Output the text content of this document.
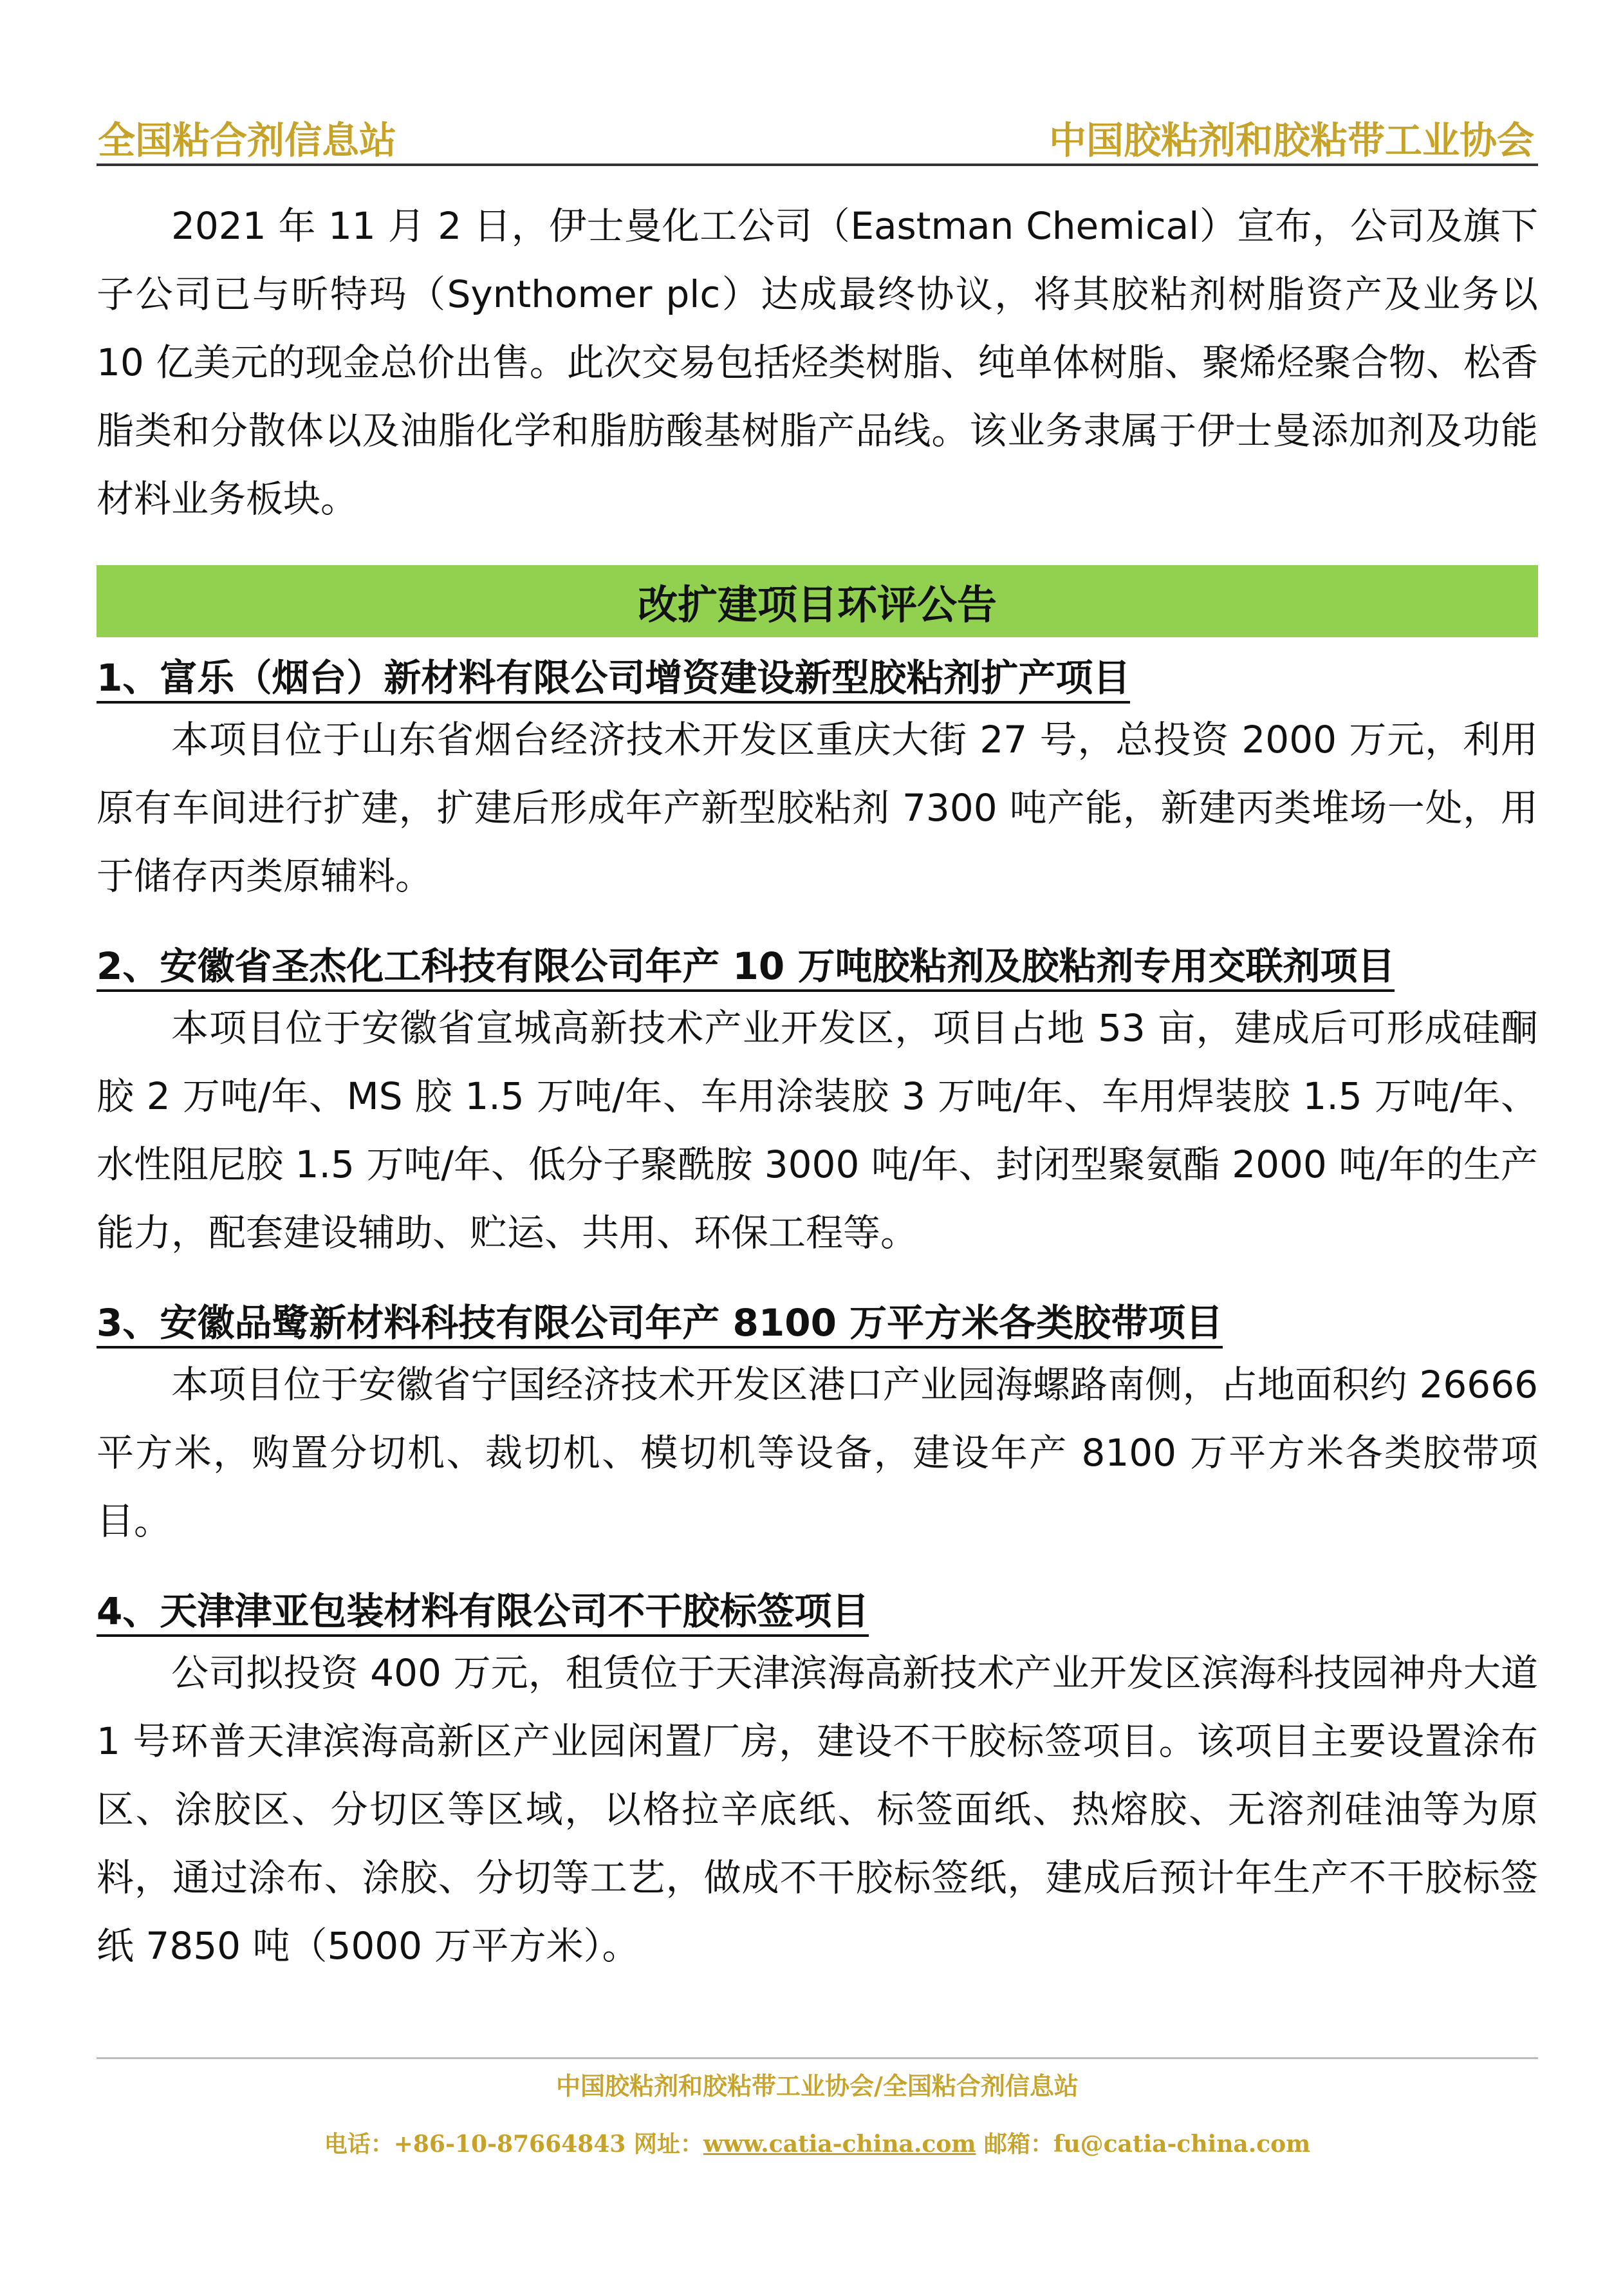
全国粘合剂信息站	中国胶粘剂和胶粘带工业协会

2021 年 11 月 2 日，伊士曼化工公司（Eastman Chemical）宣布，公司及旗下子公司已与昕特玛（Synthomer plc）达成最终协议，将其胶粘剂树脂资产及业务以 10 亿美元的现金总价出售。此次交易包括烃类树脂、纯单体树脂、聚烯烃聚合物、松香脂类和分散体以及油脂化学和脂肪酸基树脂产品线。该业务隶属于伊士曼添加剂及功能材料业务板块。

改扩建项目环评公告

1、富乐（烟台）新材料有限公司增资建设新型胶粘剂扩产项目

本项目位于山东省烟台经济技术开发区重庆大街 27 号，总投资 2000 万元，利用原有车间进行扩建，扩建后形成年产新型胶粘剂 7300 吨产能，新建丙类堆场一处，用于储存丙类原辅料。

2、安徽省圣杰化工科技有限公司年产 10 万吨胶粘剂及胶粘剂专用交联剂项目

本项目位于安徽省宣城高新技术产业开发区，项目占地 53 亩，建成后可形成硅酮胶 2 万吨/年、MS 胶 1.5 万吨/年、车用涂装胶 3 万吨/年、车用焊装胶 1.5 万吨/年、水性阻尼胶 1.5 万吨/年、低分子聚酰胺 3000 吨/年、封闭型聚氨酯 2000 吨/年的生产能力，配套建设辅助、贮运、共用、环保工程等。

3、安徽品鹭新材料科技有限公司年产 8100 万平方米各类胶带项目

本项目位于安徽省宁国经济技术开发区港口产业园海螺路南侧，占地面积约 26666 平方米，购置分切机、裁切机、模切机等设备，建设年产 8100 万平方米各类胶带项目。

4、天津津亚包装材料有限公司不干胶标签项目

公司拟投资 400 万元，租赁位于天津滨海高新技术产业开发区滨海科技园神舟大道 1 号环普天津滨海高新区产业园闲置厂房，建设不干胶标签项目。该项目主要设置涂布区、涂胶区、分切区等区域，以格拉辛底纸、标签面纸、热熔胶、无溶剂硅油等为原料，通过涂布、涂胶、分切等工艺，做成不干胶标签纸，建成后预计年生产不干胶标签纸 7850 吨（5000 万平方米）。

中国胶粘剂和胶粘带工业协会/全国粘合剂信息站
电话：+86-10-87664843 网址：www.catia-china.com 邮箱：fu@catia-china.com
